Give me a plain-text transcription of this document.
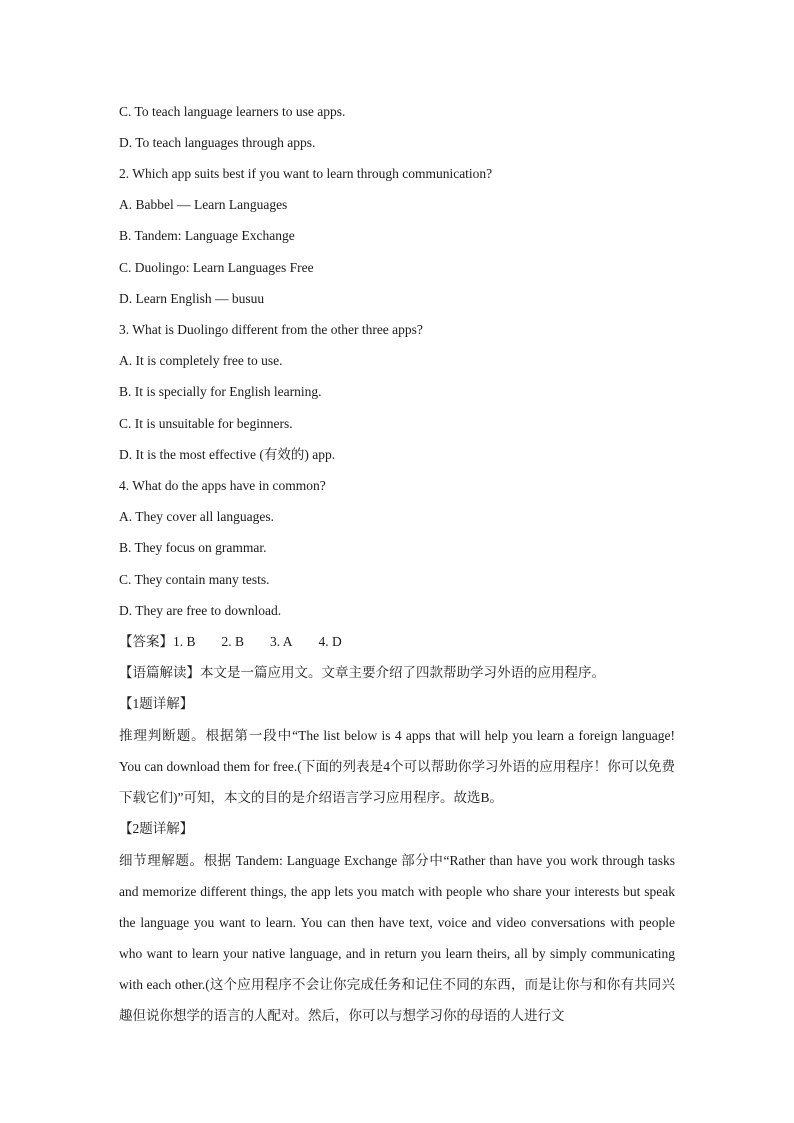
C. To teach language learners to use apps.
D. To teach languages through apps.
2. Which app suits best if you want to learn through communication?
A. Babbel — Learn Languages
B. Tandem: Language Exchange
C. Duolingo: Learn Languages Free
D. Learn English — busuu
3. What is Duolingo different from the other three apps?
A. It is completely free to use.
B. It is specially for English learning.
C. It is unsuitable for beginners.
D. It is the most effective (有效的) app.
4. What do the apps have in common?
A. They cover all languages.
B. They focus on grammar.
C. They contain many tests.
D. They are free to download.
【答案】1. B 2. B 3. A 4. D
【语篇解读】本文是一篇应用文。文章主要介绍了四款帮助学习外语的应用程序。
【1题详解】
推理判断题。根据第一段中“The list below is 4 apps that will help you learn a foreign language! You can download them for free.(下面的列表是4个可以帮助你学习外语的应用程序！你可以免费下载它们)”可知，本文的目的是介绍语言学习应用程序。故选B。
【2题详解】
细节理解题。根据 Tandem: Language Exchange 部分中“Rather than have you work through tasks and memorize different things, the app lets you match with people who share your interests but speak the language you want to learn. You can then have text, voice and video conversations with people who want to learn your native language, and in return you learn theirs, all by simply communicating with each other.(这个应用程序不会让你完成任务和记住不同的东西，而是让你与和你有共同兴趣但说你想学的语言的人配对。然后，你可以与想学习你的母语的人进行文
